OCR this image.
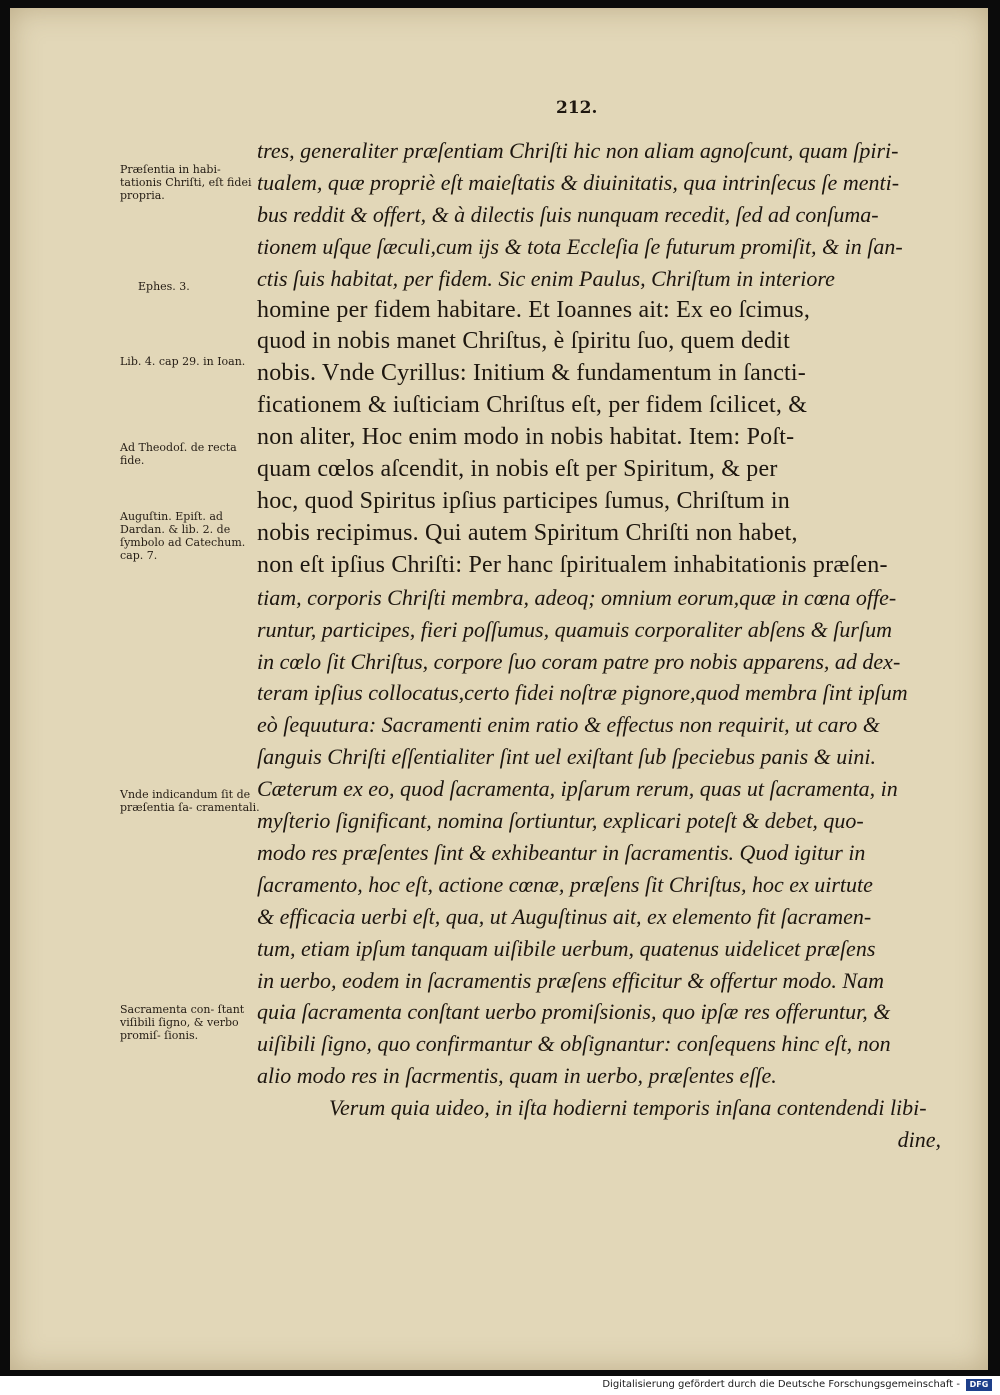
212.

tres, generaliter præſentiam Chriſti hic non aliam agnoſcunt, quam ſpiri-
tualem, quæ propriè eſt maieſtatis & diuinitatis, qua intrinſecus ſe menti-
bus reddit & offert, & à dilectis ſuis nunquam recedit, ſed ad conſuma-
tionem uſque ſæculi,cum ijs & tota Eccleſia ſe futurum promiſit, & in ſan-
ctis ſuis habitat, per fidem. Sic enim Paulus, Chriſtum in interiore
homine per fidem habitare. Et Ioannes ait: Ex eo ſcimus,
quod in nobis manet Chriſtus, è ſpiritu ſuo, quem dedit
nobis. Vnde Cyrillus: Initium & fundamentum in ſancti-
ficationem & iuſticiam Chriſtus eſt, per fidem ſcilicet, &
non aliter, Hoc enim modo in nobis habitat. Item: Poſt-
quam cœlos aſcendit, in nobis eſt per Spiritum, & per
hoc, quod Spiritus ipſius participes ſumus, Chriſtum in
nobis recipimus. Qui autem Spiritum Chriſti non habet,
non eſt ipſius Chriſti: Per hanc ſpiritualem inhabitationis præſen-
tiam, corporis Chriſti membra, adeoq; omnium eorum,quæ in cœna offe-
runtur, participes, fieri poſſumus, quamuis corporaliter abſens & ſurſum
in cœlo ſit Chriſtus, corpore ſuo coram patre pro nobis apparens, ad dex-
teram ipſius collocatus,certo fidei noſtræ pignore,quod membra ſint ipſum
eò ſequutura: Sacramenti enim ratio & effectus non requirit, ut caro &
ſanguis Chriſti eſſentialiter ſint uel exiſtant ſub ſpeciebus panis & uini.
Cæterum ex eo, quod ſacramenta, ipſarum rerum, quas ut ſacramenta, in
myſterio ſignificant, nomina ſortiuntur, explicari poteſt & debet, quo-
modo res præſentes ſint & exhibeantur in ſacramentis. Quod igitur in
ſacramento, hoc eſt, actione cœnæ, præſens ſit Chriſtus, hoc ex uirtute
& efficacia uerbi eſt, qua, ut Auguſtinus ait, ex elemento fit ſacramen-
tum, etiam ipſum tanquam uiſibile uerbum, quatenus uidelicet præſens
in uerbo, eodem in ſacramentis præſens efficitur & offertur modo. Nam
quia ſacramenta conſtant uerbo promiſsionis, quo ipſæ res offeruntur, &
uiſibili ſigno, quo confirmantur & obſignantur: conſequens hinc eſt, non
alio modo res in ſacrmentis, quam in uerbo, præſentes eſſe.
Verum quia uideo, in iſta hodierni temporis inſana contendendi libi-
dine,

Præſentia in habi- tationis Chriſti, eſt fidei propria.

Ephes. 3.

Lib. 4. cap 29. in Ioan.

Ad Theodoſ. de recta fide.

Auguſtin. Epiſt. ad Dardan. & lib. 2. de ſymbolo ad Catechum. cap. 7.

Vnde indicandum ſit de præſentia ſa- cramentali.

Sacramenta con- ſtant viſibili ſigno, & verbo promiſ- ſionis.

Digitalisierung gefördert durch die Deutsche Forschungsgemeinschaft -	DFG
